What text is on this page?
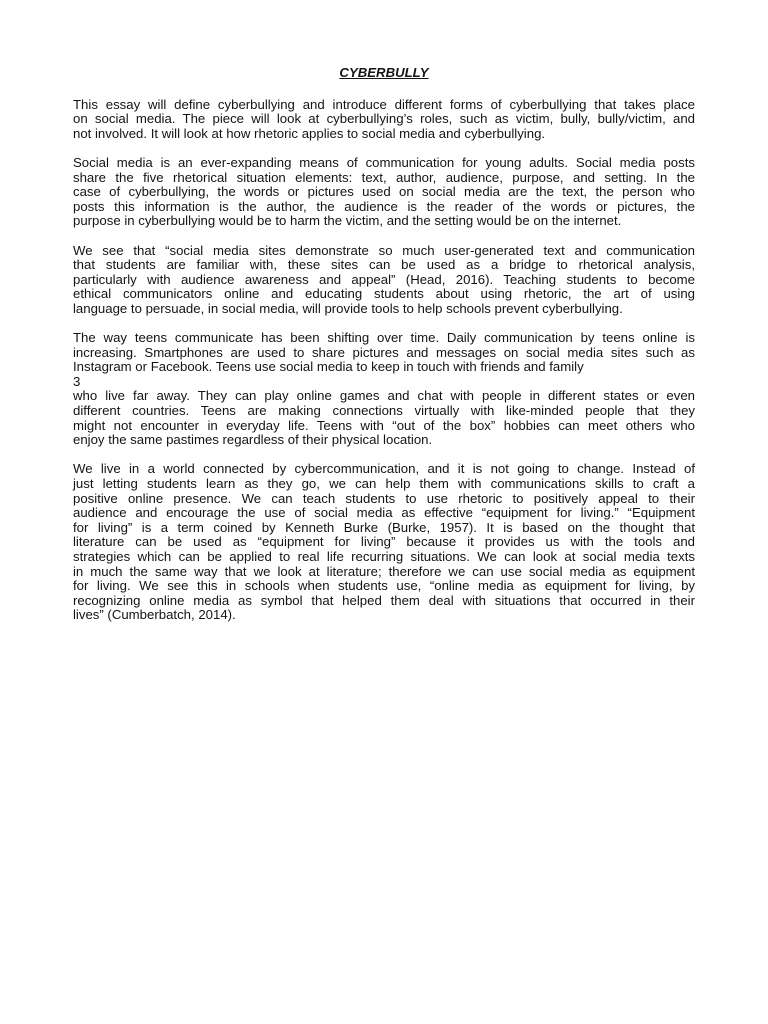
CYBERBULLY
This essay will define cyberbullying and introduce different forms of cyberbullying that takes place
on social media. The piece will look at cyberbullying’s roles, such as victim, bully, bully/victim, and
not involved. It will look at how rhetoric applies to social media and cyberbullying.
Social media is an ever-expanding means of communication for young adults. Social media posts
share the five rhetorical situation elements: text, author, audience, purpose, and setting. In the
case of cyberbullying, the words or pictures used on social media are the text, the person who
posts this information is the author, the audience is the reader of the words or pictures, the
purpose in cyberbullying would be to harm the victim, and the setting would be on the internet.
We see that “social media sites demonstrate so much user-generated text and communication
that students are familiar with, these sites can be used as a bridge to rhetorical analysis,
particularly with audience awareness and appeal” (Head, 2016). Teaching students to become
ethical communicators online and educating students about using rhetoric, the art of using
language to persuade, in social media, will provide tools to help schools prevent cyberbullying.
The way teens communicate has been shifting over time. Daily communication by teens online is
increasing. Smartphones are used to share pictures and messages on social media sites such as
Instagram or Facebook. Teens use social media to keep in touch with friends and family
3
who live far away. They can play online games and chat with people in different states or even
different countries. Teens are making connections virtually with like-minded people that they
might not encounter in everyday life. Teens with “out of the box” hobbies can meet others who
enjoy the same pastimes regardless of their physical location.
We live in a world connected by cybercommunication, and it is not going to change. Instead of
just letting students learn as they go, we can help them with communications skills to craft a
positive online presence. We can teach students to use rhetoric to positively appeal to their
audience and encourage the use of social media as effective “equipment for living.” “Equipment
for living” is a term coined by Kenneth Burke (Burke, 1957). It is based on the thought that
literature can be used as “equipment for living” because it provides us with the tools and
strategies which can be applied to real life recurring situations. We can look at social media texts
in much the same way that we look at literature; therefore we can use social media as equipment
for living. We see this in schools when students use, “online media as equipment for living, by
recognizing online media as symbol that helped them deal with situations that occurred in their
lives” (Cumberbatch, 2014).
